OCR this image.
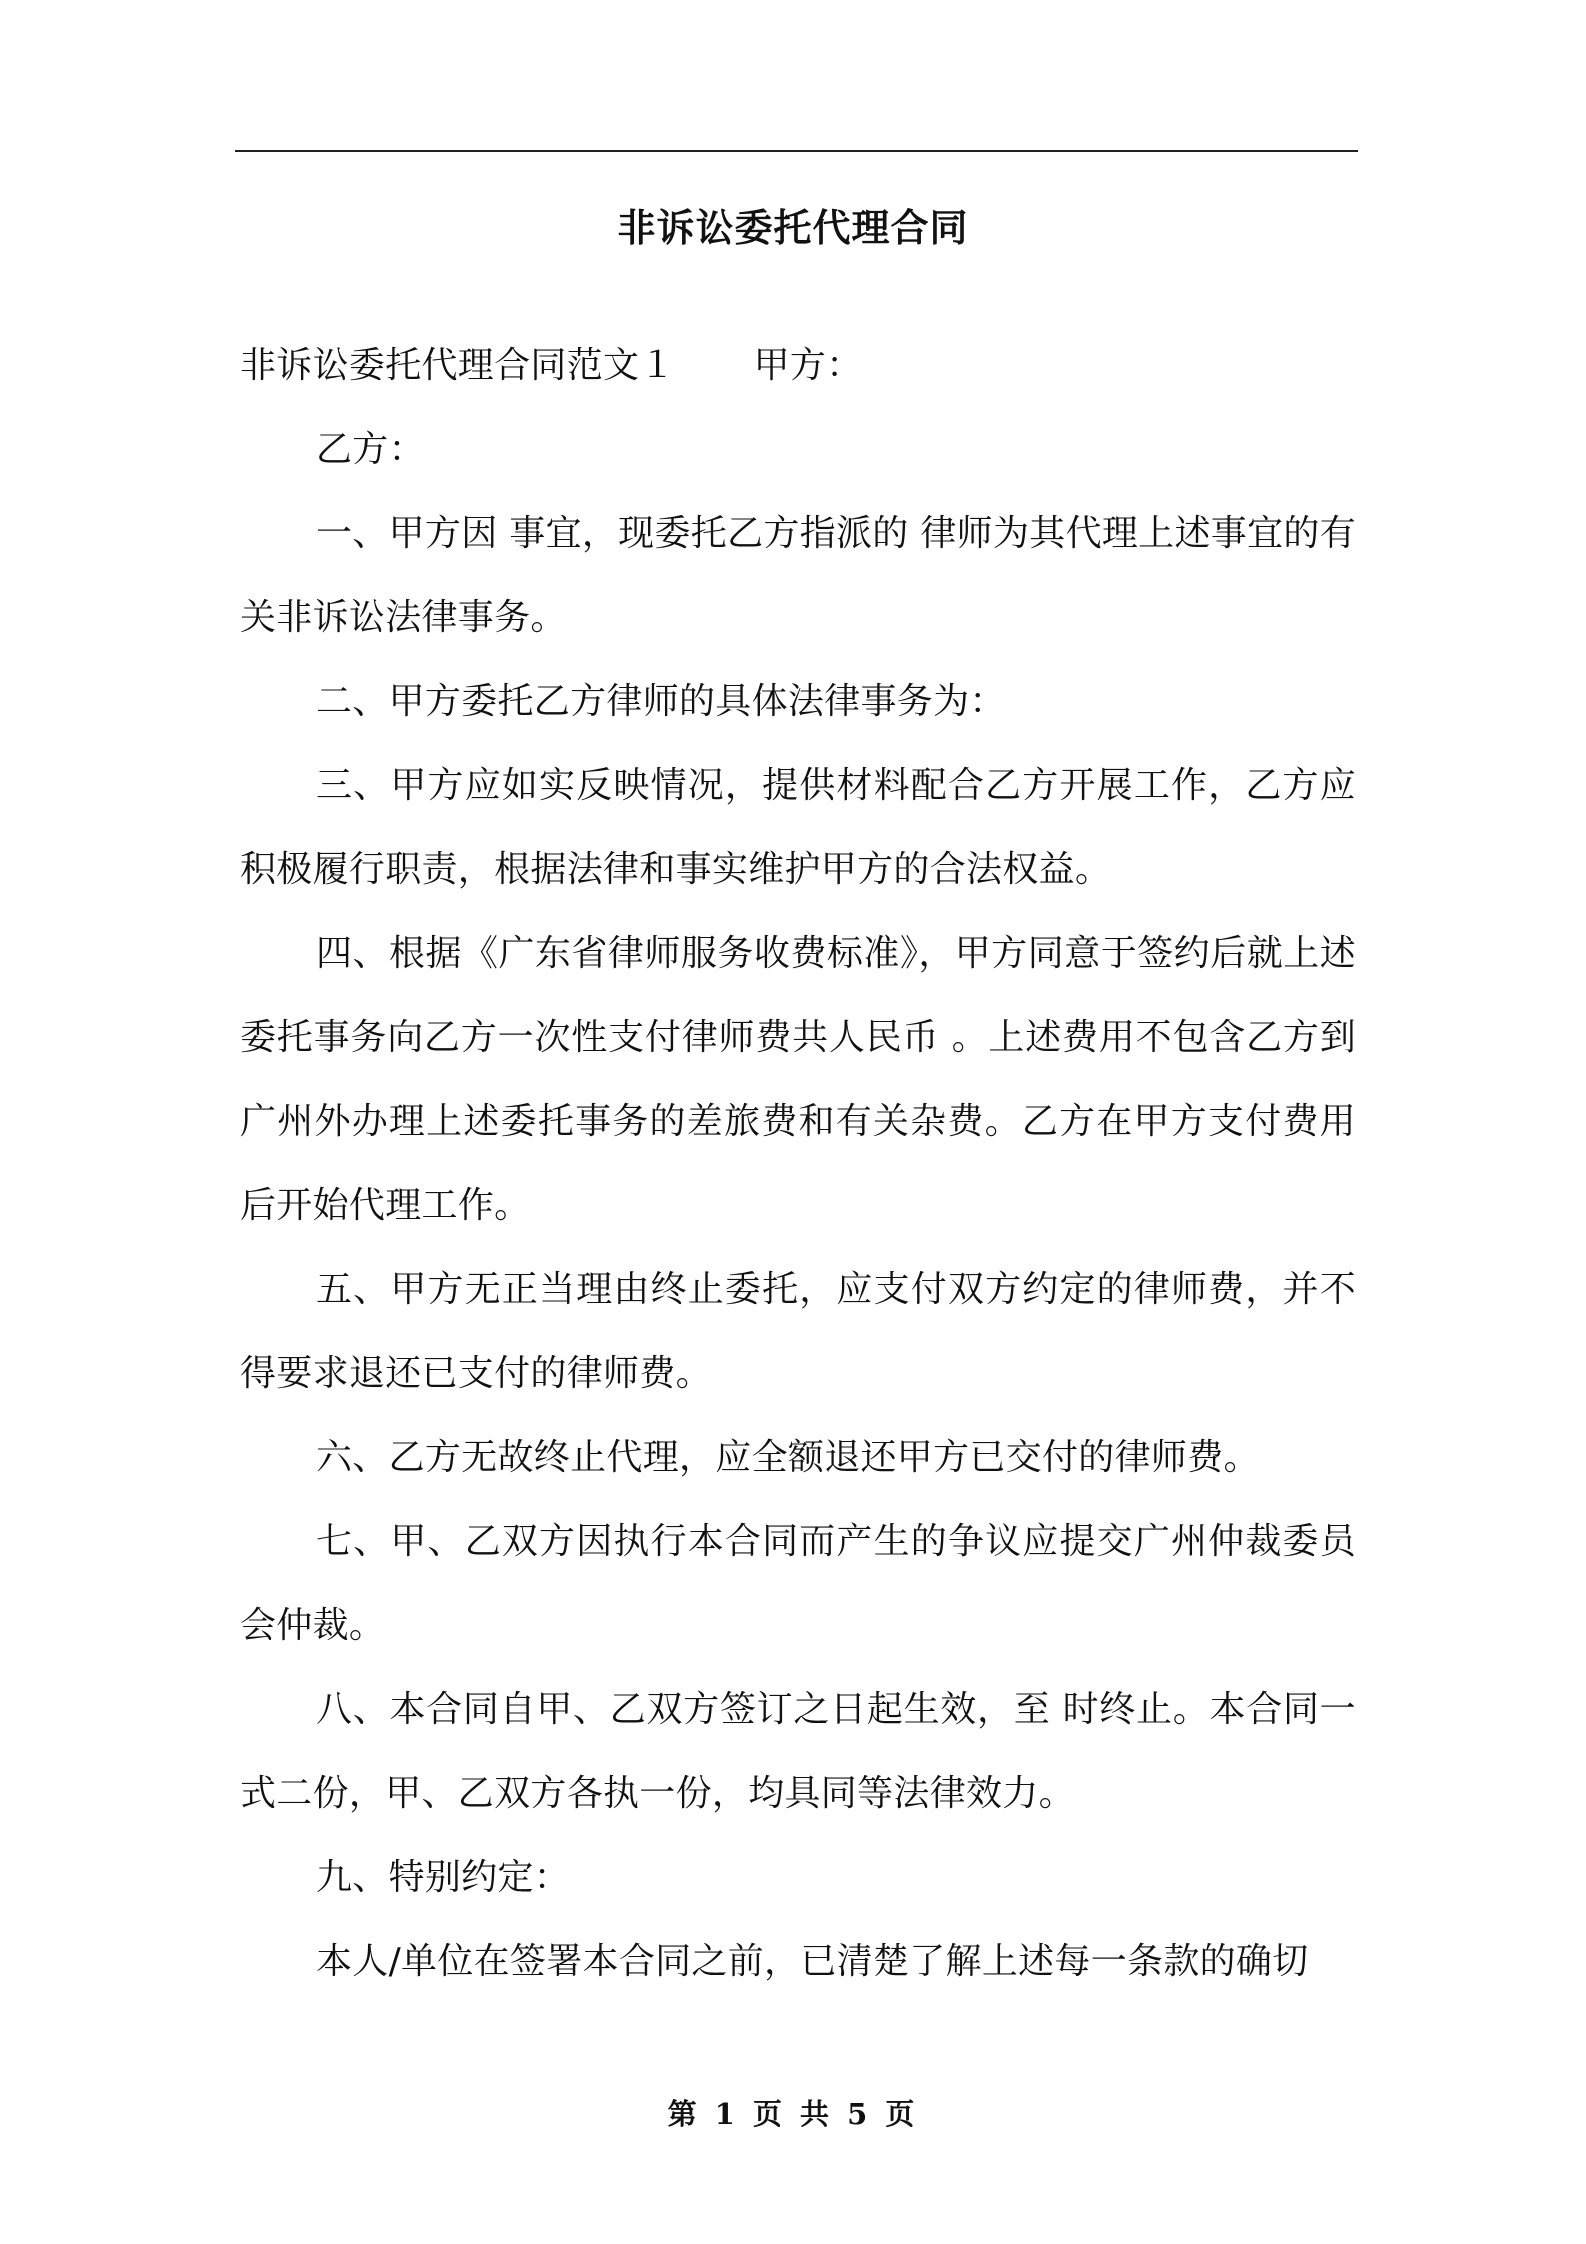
非诉讼委托代理合同

非诉讼委托代理合同范文１ 甲方：

乙方：

一、甲方因 事宜，现委托乙方指派的 律师为其代理上述事宜的有关非诉讼法律事务。

二、甲方委托乙方律师的具体法律事务为：

三、甲方应如实反映情况，提供材料配合乙方开展工作，乙方应积极履行职责，根据法律和事实维护甲方的合法权益。

四、根据《广东省律师服务收费标准》，甲方同意于签约后就上述委托事务向乙方一次性支付律师费共人民币 。上述费用不包含乙方到广州外办理上述委托事务的差旅费和有关杂费。乙方在甲方支付费用后开始代理工作。

五、甲方无正当理由终止委托，应支付双方约定的律师费，并不得要求退还已支付的律师费。

六、乙方无故终止代理，应全额退还甲方已交付的律师费。

七、甲、乙双方因执行本合同而产生的争议应提交广州仲裁委员会仲裁。

八、本合同自甲、乙双方签订之日起生效，至 时终止。本合同一式二份，甲、乙双方各执一份，均具同等法律效力。

九、特别约定：

本人/单位在签署本合同之前，已清楚了解上述每一条款的确切

第 1 页 共 5 页
